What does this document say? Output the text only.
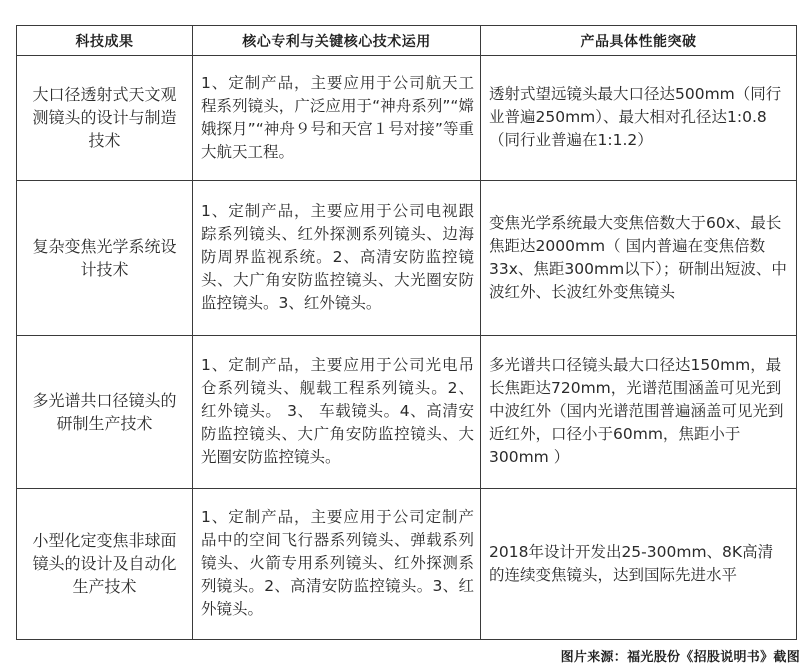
科技成果	核心专利与关键核心技术运用	产品具体性能突破
大口径透射式天文观测镜头的设计与制造技术	1、定制产品，主要应用于公司航天工程系列镜头，广泛应用于“神舟系列”“嫦娥探月”“神舟９号和天宫１号对接”等重大航天工程。	透射式望远镜头最大口径达500mm（同行业普遍250mm）、最大相对孔径达1:0.8（同行业普遍在1:1.2）
复杂变焦光学系统设计技术	1、定制产品，主要应用于公司电视跟踪系列镜头、红外探测系列镜头、边海防周界监视系统。2、高清安防监控镜头、大广角安防监控镜头、大光圈安防监控镜头。3、红外镜头。	变焦光学系统最大变焦倍数大于60x、最长焦距达2000mm（ 国内普遍在变焦倍数33x、焦距300mm以下）；研制出短波、中波红外、长波红外变焦镜头
多光谱共口径镜头的研制生产技术	1、定制产品，主要应用于公司光电吊仓系列镜头、舰载工程系列镜头。2、 红外镜头。 3、 车载镜头。4、高清安防监控镜头、大广角安防监控镜头、大光圈安防监控镜头。	多光谱共口径镜头最大口径达150mm，最长焦距达720mm，光谱范围涵盖可见光到中波红外（国内光谱范围普遍涵盖可见光到近红外，口径小于60mm，焦距小于300mm ）
小型化定变焦非球面镜头的设计及自动化生产技术	1、定制产品，主要应用于公司定制产品中的空间飞行器系列镜头、弹载系列镜头、火箭专用系列镜头、红外探测系列镜头。2、高清安防监控镜头。3、红外镜头。	2018年设计开发出25-300mm、8K高清的连续变焦镜头，达到国际先进水平
图片来源：福光股份《招股说明书》截图
